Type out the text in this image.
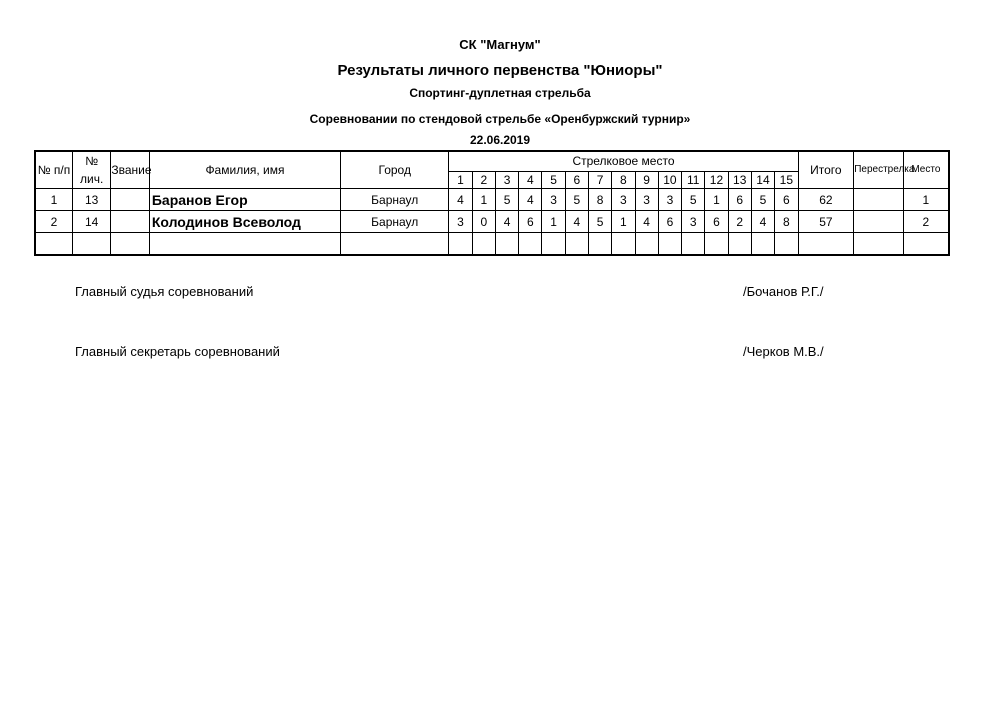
СК "Магнум"
Результаты личного первенства "Юниоры"
Спортинг-дуплетная стрельба
Соревновании по стендовой стрельбе «Оренбуржский турнир»
22.06.2019
№ п/п	№ лич.	Звание	Фамилия, имя	Город	Стрелковое место															Итого	Перестрелка	Место
					1	2	3	4	5	6	7	8	9	10	11	12	13	14	15			
1	13		Баранов Егор	Барнаул	4	1	5	4	3	5	8	3	3	3	5	1	6	5	6	62		1
2	14		Колодинов Всеволод	Барнаул	3	0	4	6	1	4	5	1	4	6	3	6	2	4	8	57		2

Главный судья соревнований	/Бочанов Р.Г./
Главный секретарь соревнований	/Черков М.В./
